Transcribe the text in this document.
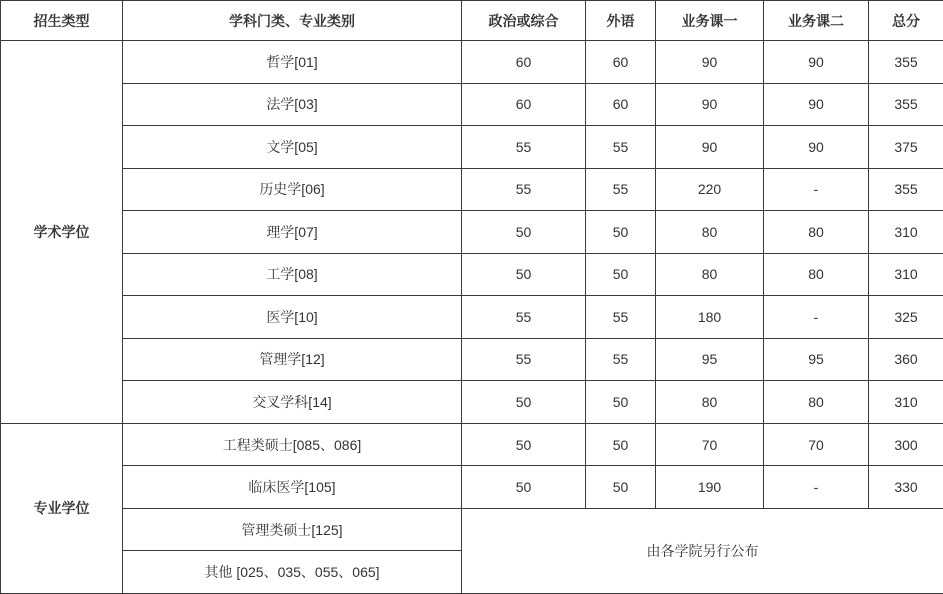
招生类型	学科门类、专业类别	政治或综合	外语	业务课一	业务课二	总分
学术学位	哲学[01]	60	60	90	90	355
	法学[03]	60	60	90	90	355
	文学[05]	55	55	90	90	375
	历史学[06]	55	55	220	-	355
	理学[07]	50	50	80	80	310
	工学[08]	50	50	80	80	310
	医学[10]	55	55	180	-	325
	管理学[12]	55	55	95	95	360
	交叉学科[14]	50	50	80	80	310
专业学位	工程类硕士[085、086]	50	50	70	70	300
	临床医学[105]	50	50	190	-	330
	管理类硕士[125]	由各学院另行公布				
	其他 [025、035、055、065]					
